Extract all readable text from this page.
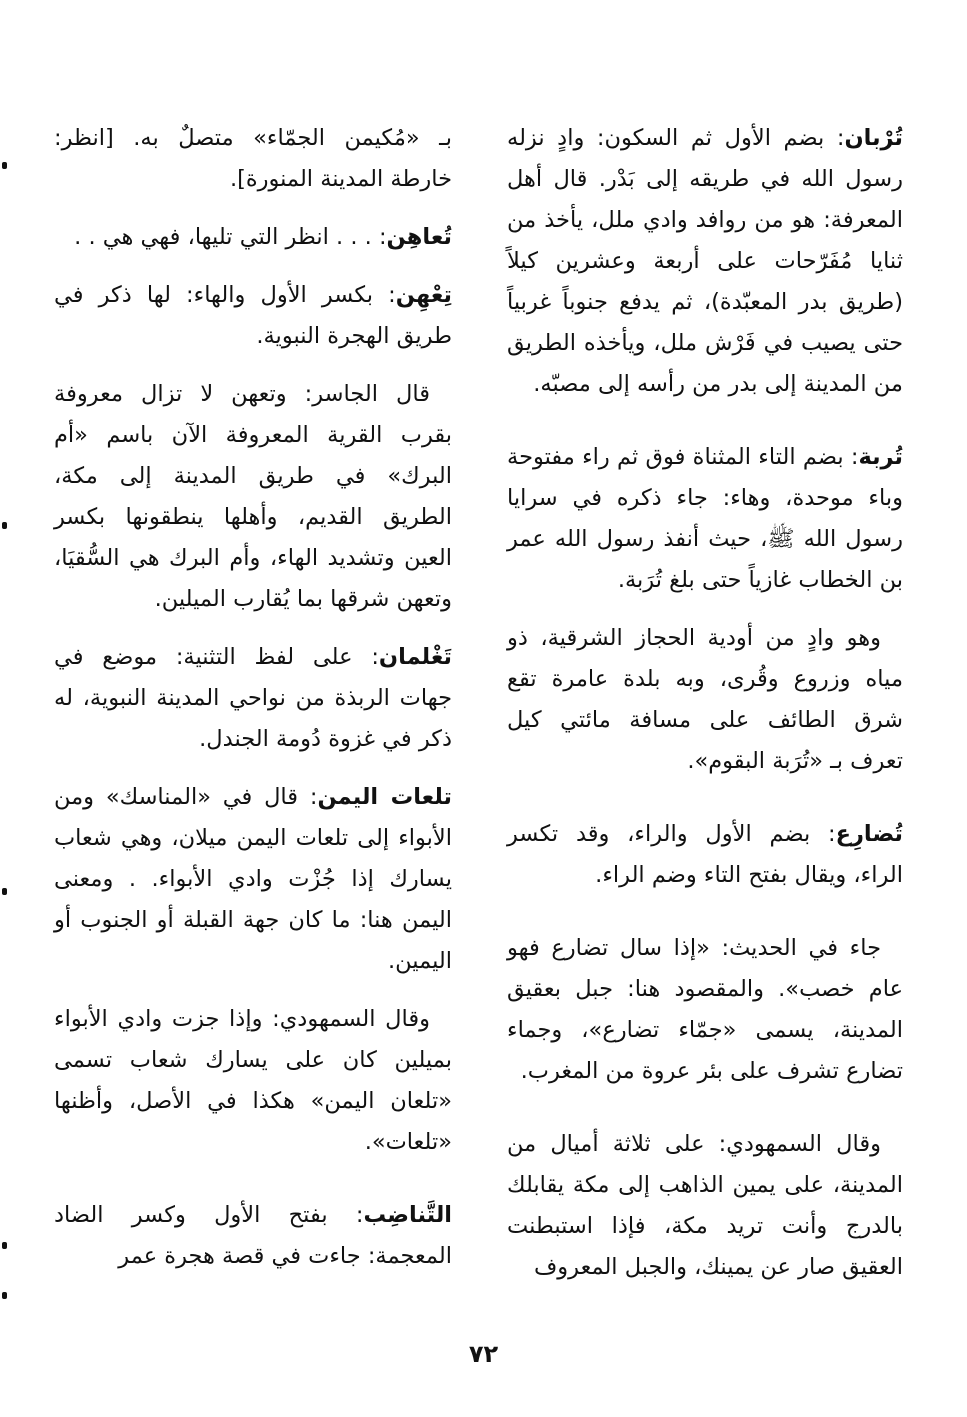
تُرْبان: بضم الأول ثم السكون: وادٍ نزله رسول الله في طريقه إلى بَدْر. قال أهل المعرفة: هو من روافد وادي ملل، يأخذ من ثنايا مُفَرّحات على أربعة وعشرين كيلاً (طريق بدر المعبّدة)، ثم يدفع جنوباً غربياً حتى يصيب في فَرْش ملل، ويأخذه الطريق من المدينة إلى بدر من رأسه إلى مصبّه.

تُربة: بضم التاء المثناة فوق ثم راء مفتوحة وباء موحدة، وهاء: جاء ذكره في سرايا رسول الله ﷺ، حيث أنفذ رسول الله عمر بن الخطاب غازياً حتى بلغ تُرَبة.

وهو وادٍ من أودية الحجاز الشرقية، ذو مياه وزروع وقُرى، وبه بلدة عامرة تقع شرق الطائف على مسافة مائتي كيل تعرف بـ «تُرَبة البقوم».

تُضارِع: بضم الأول والراء، وقد تكسر الراء، ويقال بفتح التاء وضم الراء.

جاء في الحديث: «إذا سال تضارع فهو عام خصب». والمقصود هنا: جبل بعقيق المدينة، يسمى «جمّاء تضارع»، وجماء تضارع تشرف على بئر عروة من المغرب.

وقال السمهودي: على ثلاثة أميال من المدينة، على يمين الذاهب إلى مكة يقابلك بالدرج وأنت تريد مكة، فإذا استبطنت العقيق صار عن يمينك، والجبل المعروف

بـ «مُكيمن الجمّاء» متصلٌ به. [انظر: خارطة المدينة المنورة].

تُعاهِن: . . . انظر التي تليها، فهي هي . .

تِعْهِن: بكسر الأول والهاء: لها ذكر في طريق الهجرة النبوية.

قال الجاسر: وتعهن لا تزال معروفة بقرب القرية المعروفة الآن باسم «أم البرك» في طريق المدينة إلى مكة، الطريق القديم، وأهلها ينطقونها بكسر العين وتشديد الهاء، وأم البرك هي السُّقيَا، وتعهن شرقها بما يُقارب الميلين.

تَغْلمان: على لفظ التثنية: موضع في جهات الربذة من نواحي المدينة النبوية، له ذكر في غزوة دُومة الجندل.

تلعات اليمن: قال في «المناسك» ومن الأبواء إلى تلعات اليمن ميلان، وهي شعاب يسارك إذا جُزْت وادي الأبواء. . ومعنى اليمن هنا: ما كان جهة القبلة أو الجنوب أو اليمين.

وقال السمهودي: وإذا جزت وادي الأبواء بميلين كان على يسارك شعاب تسمى «تلعان اليمن» هكذا في الأصل، وأظنها «تلعات».

التَّناضِب: بفتح الأول وكسر الضاد المعجمة: جاءت في قصة هجرة عمر

٧٢
